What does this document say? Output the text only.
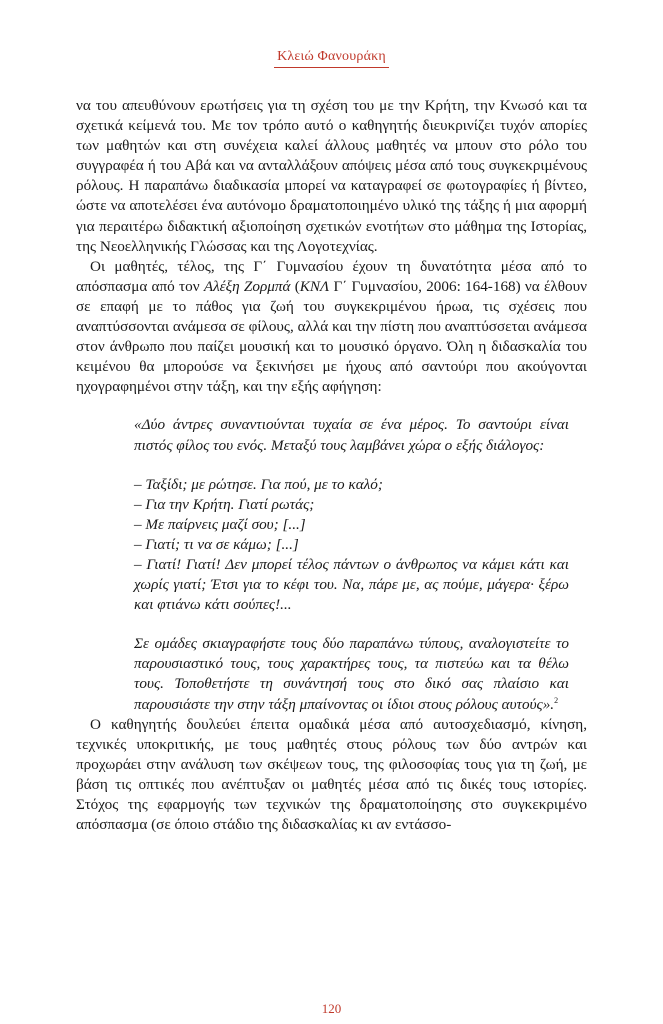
Κλειώ Φανουράκη

να του απευθύνουν ερωτήσεις για τη σχέση του με την Κρήτη, την Κνωσό και τα σχετικά κείμενά του. Με τον τρόπο αυτό ο καθηγητής διευκρινίζει τυχόν απορίες των μαθητών και στη συνέχεια καλεί άλλους μαθητές να μπουν στο ρόλο του συγγραφέα ή του Αβά και να ανταλλάξουν απόψεις μέσα από τους συγκεκριμένους ρόλους. Η παραπάνω διαδικασία μπορεί να καταγραφεί σε φωτογραφίες ή βίντεο, ώστε να αποτελέσει ένα αυτόνομο δραματοποιημένο υλικό της τάξης ή μια αφορμή για περαιτέρω διδακτική αξιοποίηση σχετικών ενοτήτων στο μάθημα της Ιστορίας, της Νεοελληνικής Γλώσσας και της Λογοτεχνίας.

Οι μαθητές, τέλος, της Γ΄ Γυμνασίου έχουν τη δυνατότητα μέσα από το απόσπασμα από τον Αλέξη Ζορμπά (ΚΝΛ Γ΄ Γυμνασίου, 2006: 164-168) να έλθουν σε επαφή με το πάθος για ζωή του συγκεκριμένου ήρωα, τις σχέσεις που αναπτύσσονται ανάμεσα σε φίλους, αλλά και την πίστη που αναπτύσσεται ανάμεσα στον άνθρωπο που παίζει μουσική και το μουσικό όργανο. Όλη η διδασκαλία του κειμένου θα μπορούσε να ξεκινήσει με ήχους από σαντούρι που ακούγονται ηχογραφημένοι στην τάξη, και την εξής αφήγηση:

«Δύο άντρες συναντιούνται τυχαία σε ένα μέρος. Το σαντούρι είναι πιστός φίλος του ενός. Μεταξύ τους λαμβάνει χώρα ο εξής διάλογος:

– Ταξίδι; με ρώτησε. Για πού, με το καλό;
– Για την Κρήτη. Γιατί ρωτάς;
– Με παίρνεις μαζί σου; [...]
– Γιατί; τι να σε κάμω; [...]
– Γιατί! Γιατί! Δεν μπορεί τέλος πάντων ο άνθρωπος να κάμει κάτι και χωρίς γιατί; Έτσι για το κέφι του. Να, πάρε με, ας πούμε, μάγερα· ξέρω και φτιάνω κάτι σούπες!...

Σε ομάδες σκιαγραφήστε τους δύο παραπάνω τύπους, αναλογιστείτε το παρουσιαστικό τους, τους χαρακτήρες τους, τα πιστεύω και τα θέλω τους. Τοποθετήστε τη συνάντησή τους στο δικό σας πλαίσιο και παρουσιάστε την στην τάξη μπαίνοντας οι ίδιοι στους ρόλους αυτούς».$^2$

Ο καθηγητής δουλεύει έπειτα ομαδικά μέσα από αυτοσχεδιασμό, κίνηση, τεχνικές υποκριτικής, με τους μαθητές στους ρόλους των δύο αντρών και προχωράει στην ανάλυση των σκέψεων τους, της φιλοσοφίας τους για τη ζωή, με βάση τις οπτικές που ανέπτυξαν οι μαθητές μέσα από τις δικές τους ιστορίες. Στόχος της εφαρμογής των τεχνικών της δραματοποίησης στο συγκεκριμένο απόσπασμα (σε όποιο στάδιο της διδασκαλίας κι αν εντάσσο-

120
